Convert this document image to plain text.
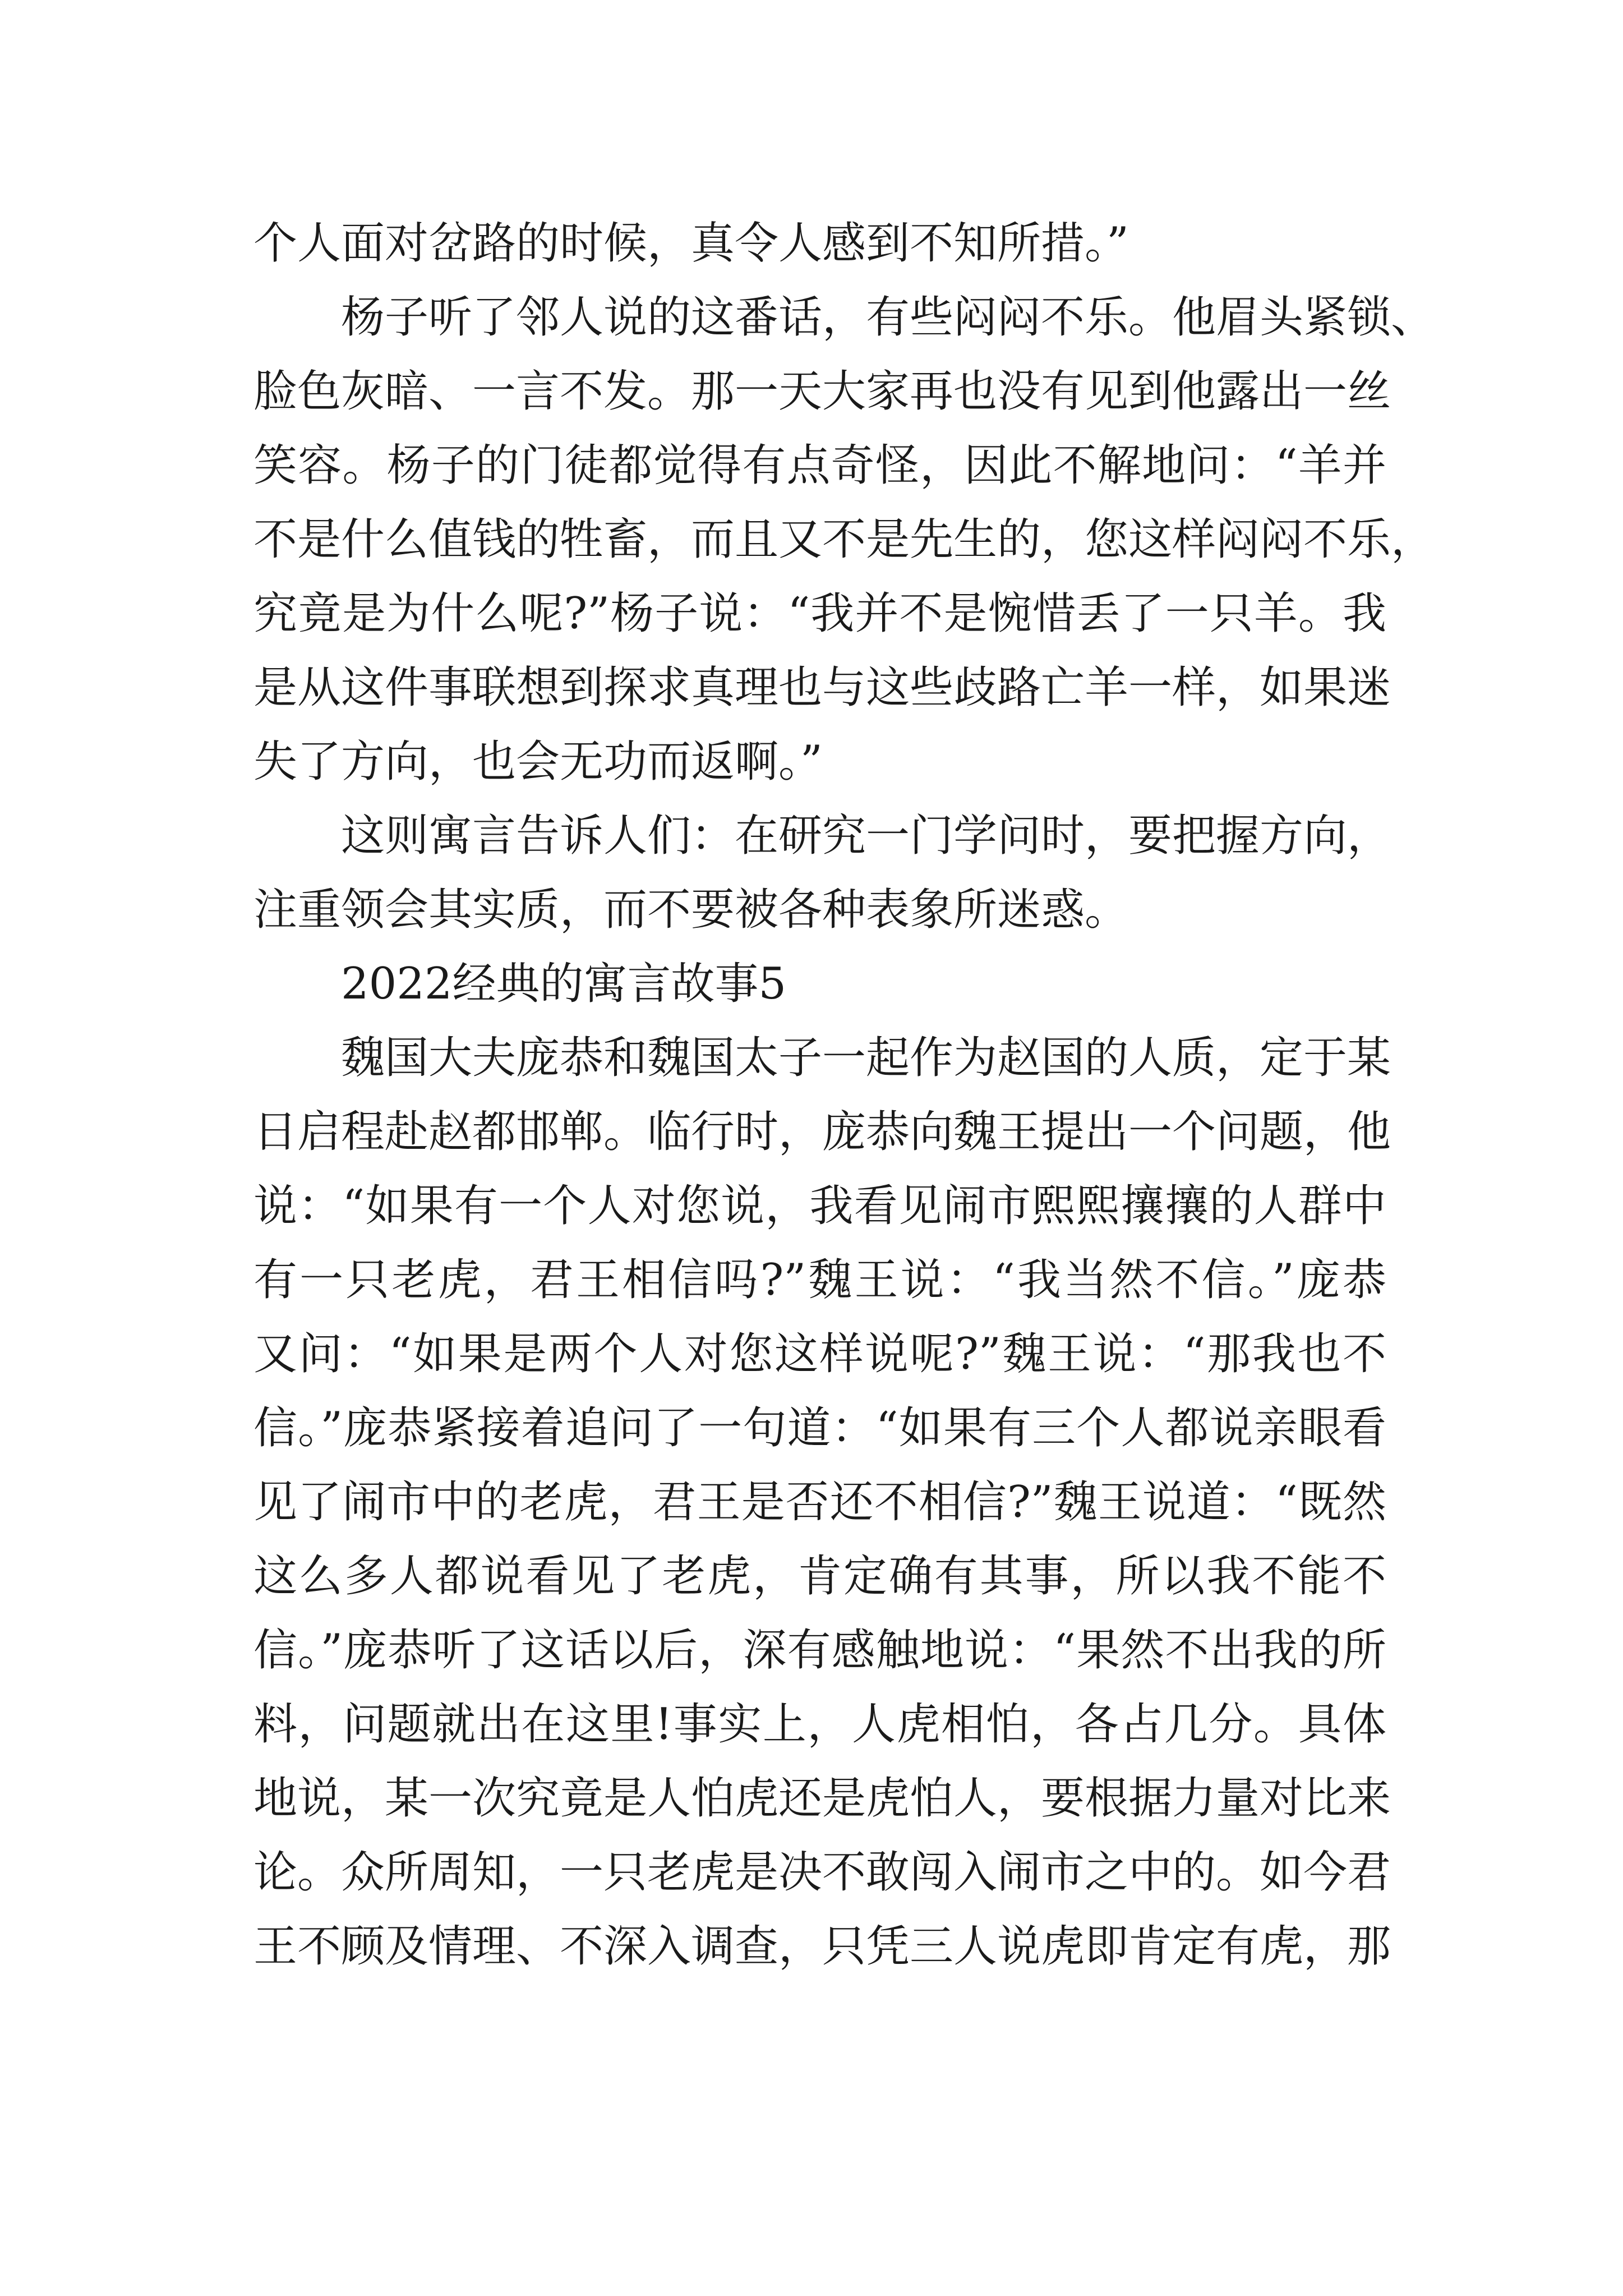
个人面对岔路的时候，真令人感到不知所措。”
杨子听了邻人说的这番话，有些闷闷不乐。他眉头紧锁、
脸色灰暗、一言不发。那一天大家再也没有见到他露出一丝
笑容。杨子的门徒都觉得有点奇怪，因此不解地问：“羊并
不是什么值钱的牲畜，而且又不是先生的，您这样闷闷不乐，
究竟是为什么呢?”杨子说：“我并不是惋惜丢了一只羊。我
是从这件事联想到探求真理也与这些歧路亡羊一样，如果迷
失了方向，也会无功而返啊。”
这则寓言告诉人们：在研究一门学问时，要把握方向，
注重领会其实质，而不要被各种表象所迷惑。
2022经典的寓言故事5
魏国大夫庞恭和魏国太子一起作为赵国的人质，定于某
日启程赴赵都邯郸。临行时，庞恭向魏王提出一个问题，他
说：“如果有一个人对您说，我看见闹市熙熙攘攘的人群中
有一只老虎，君王相信吗?”魏王说：“我当然不信。”庞恭
又问：“如果是两个人对您这样说呢?”魏王说：“那我也不
信。”庞恭紧接着追问了一句道：“如果有三个人都说亲眼看
见了闹市中的老虎，君王是否还不相信?”魏王说道：“既然
这么多人都说看见了老虎，肯定确有其事，所以我不能不
信。”庞恭听了这话以后，深有感触地说：“果然不出我的所
料，问题就出在这里!事实上，人虎相怕，各占几分。具体
地说，某一次究竟是人怕虎还是虎怕人，要根据力量对比来
论。众所周知，一只老虎是决不敢闯入闹市之中的。如今君
王不顾及情理、不深入调查，只凭三人说虎即肯定有虎，那
